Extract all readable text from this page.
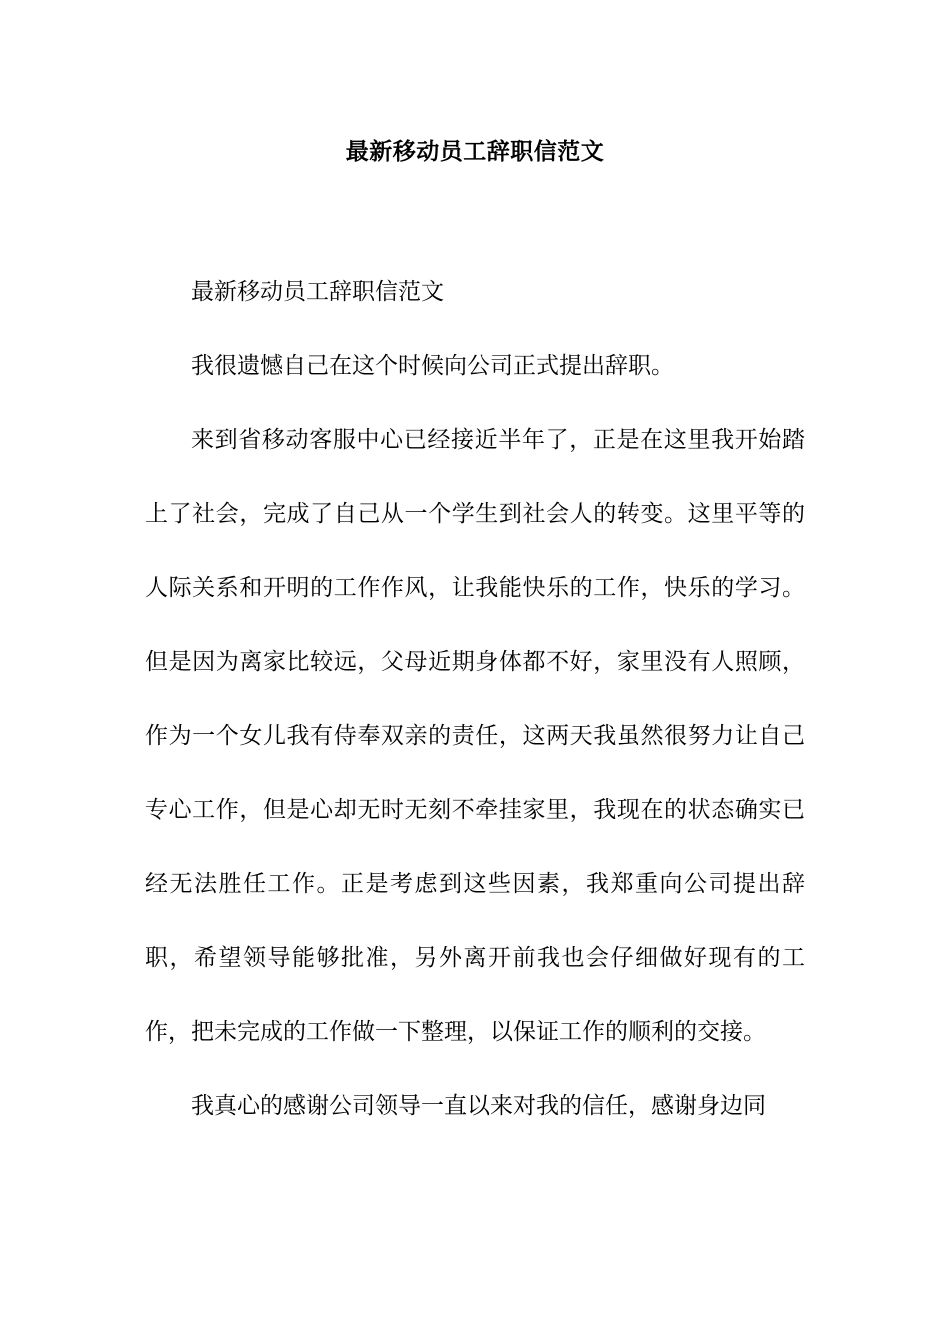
最新移动员工辞职信范文

最新移动员工辞职信范文

我很遗憾自己在这个时候向公司正式提出辞职。

来到省移动客服中心已经接近半年了，正是在这里我开始踏上了社会，完成了自己从一个学生到社会人的转变。这里平等的人际关系和开明的工作作风，让我能快乐的工作，快乐的学习。但是因为离家比较远，父母近期身体都不好，家里没有人照顾，作为一个女儿我有侍奉双亲的责任，这两天我虽然很努力让自己专心工作，但是心却无时无刻不牵挂家里，我现在的状态确实已经无法胜任工作。正是考虑到这些因素，我郑重向公司提出辞职，希望领导能够批准，另外离开前我也会仔细做好现有的工作，把未完成的工作做一下整理，以保证工作的顺利的交接。

我真心的感谢公司领导一直以来对我的信任，感谢身边同
